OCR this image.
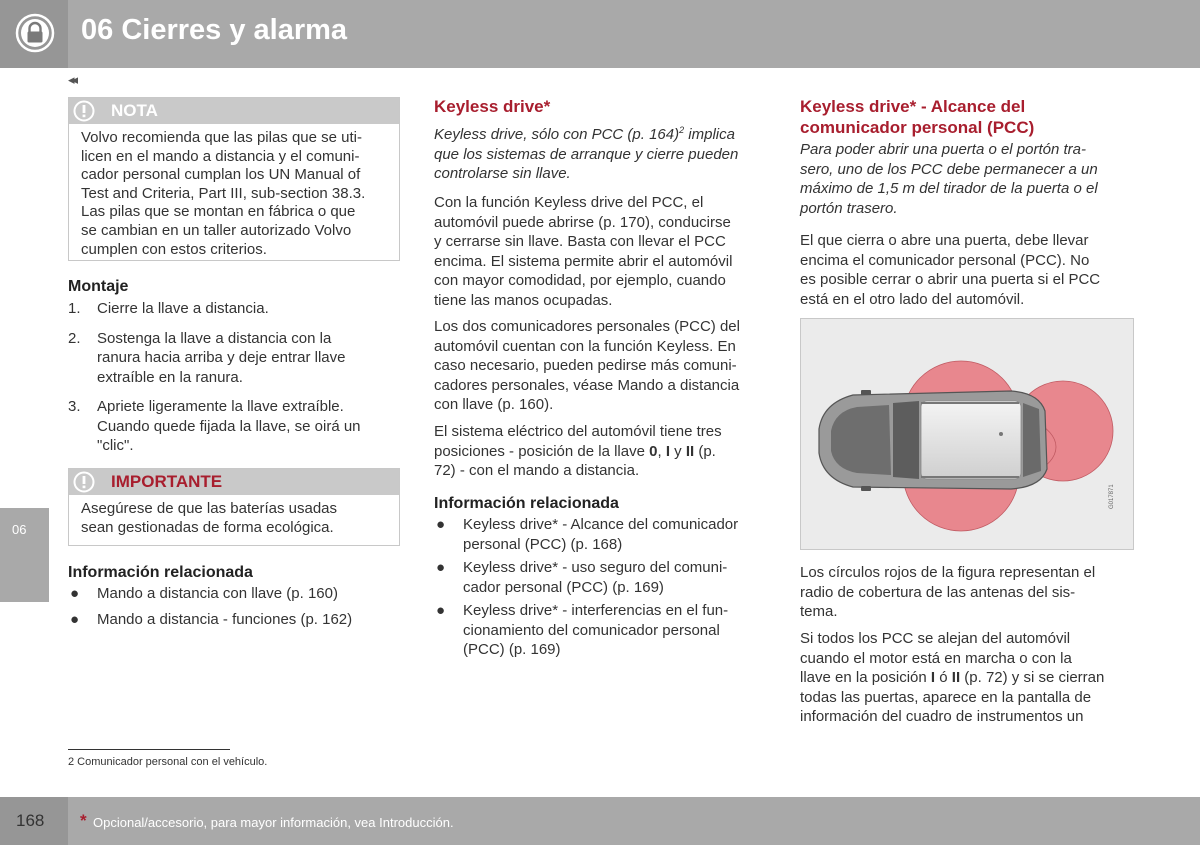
06 Cierres y alarma
◂◂
06
NOTA
Volvo recomienda que las pilas que se uti-
licen en el mando a distancia y el comuni-
cador personal cumplan los UN Manual of
Test and Criteria, Part III, sub-section 38.3.
Las pilas que se montan en fábrica o que
se cambian en un taller autorizado Volvo
cumplen con estos criterios.
Montaje
1. Cierre la llave a distancia.
2. Sostenga la llave a distancia con la
ranura hacia arriba y deje entrar llave
extraíble en la ranura.
3. Apriete ligeramente la llave extraíble.
Cuando quede fijada la llave, se oirá un
"clic".
IMPORTANTE
Asegúrese de que las baterías usadas
sean gestionadas de forma ecológica.
Información relacionada
● Mando a distancia con llave (p. 160)
● Mando a distancia - funciones (p. 162)
Keyless drive*
Keyless drive, sólo con PCC (p. 164)$^2$ implica
que los sistemas de arranque y cierre pueden
controlarse sin llave.
Con la función Keyless drive del PCC, el
automóvil puede abrirse (p. 170), conducirse
y cerrarse sin llave. Basta con llevar el PCC
encima. El sistema permite abrir el automóvil
con mayor comodidad, por ejemplo, cuando
tiene las manos ocupadas.
Los dos comunicadores personales (PCC) del
automóvil cuentan con la función Keyless. En
caso necesario, pueden pedirse más comuni-
cadores personales, véase Mando a distancia
con llave (p. 160).
El sistema eléctrico del automóvil tiene tres
posiciones - posición de la llave 0, I y II (p.
72) - con el mando a distancia.
Información relacionada
● Keyless drive* - Alcance del comunicador
personal (PCC) (p. 168)
● Keyless drive* - uso seguro del comuni-
cador personal (PCC) (p. 169)
● Keyless drive* - interferencias en el fun-
cionamiento del comunicador personal
(PCC) (p. 169)
Keyless drive* - Alcance del
comunicador personal (PCC)
Para poder abrir una puerta o el portón tra-
sero, uno de los PCC debe permanecer a un
máximo de 1,5 m del tirador de la puerta o el
portón trasero.
El que cierra o abre una puerta, debe llevar
encima el comunicador personal (PCC). No
es posible cerrar o abrir una puerta si el PCC
está en el otro lado del automóvil.
G017871
Los círculos rojos de la figura representan el
radio de cobertura de las antenas del sis-
tema.
Si todos los PCC se alejan del automóvil
cuando el motor está en marcha o con la
llave en la posición I ó II (p. 72) y si se cierran
todas las puertas, aparece en la pantalla de
información del cuadro de instrumentos un
2 Comunicador personal con el vehículo.
168 * Opcional/accesorio, para mayor información, vea Introducción.
